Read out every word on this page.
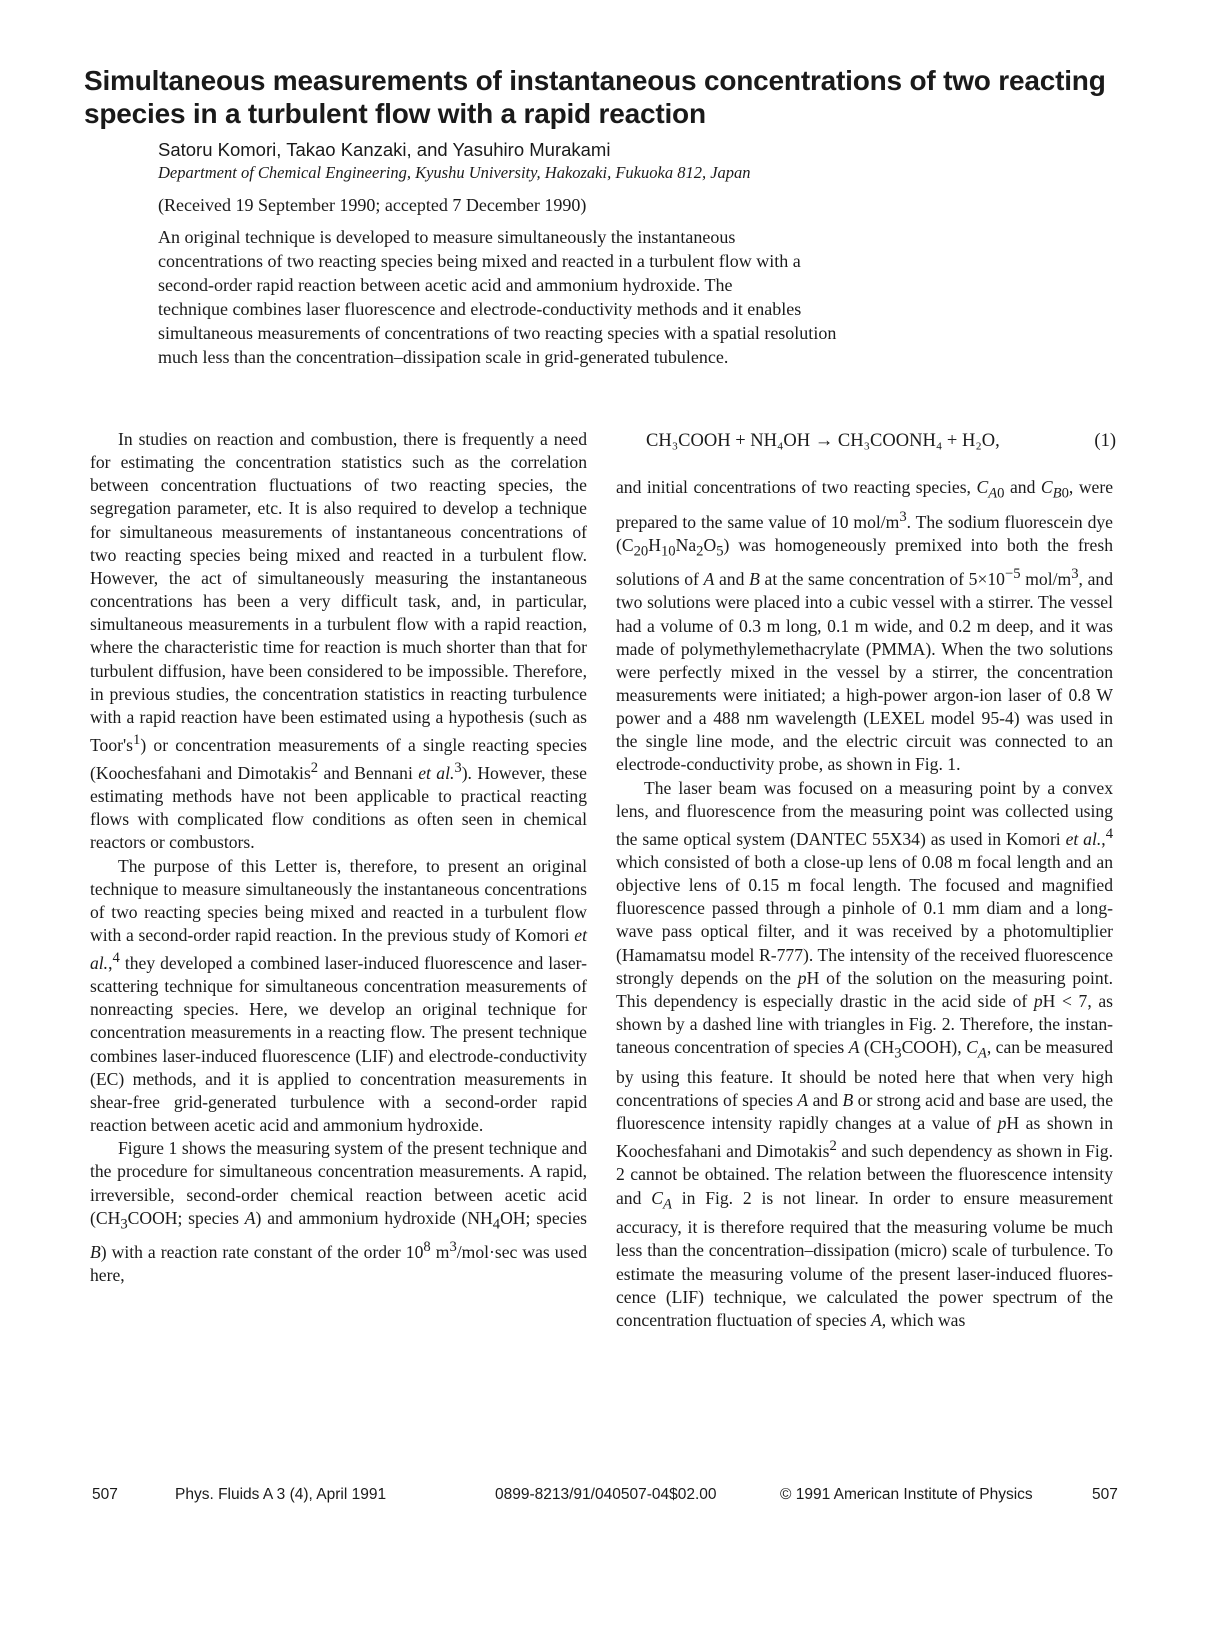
Simultaneous measurements of instantaneous concentrations of two reacting species in a turbulent flow with a rapid reaction
Satoru Komori, Takao Kanzaki, and Yasuhiro Murakami
Department of Chemical Engineering, Kyushu University, Hakozaki, Fukuoka 812, Japan
(Received 19 September 1990; accepted 7 December 1990)
An original technique is developed to measure simultaneously the instantaneous
concentrations of two reacting species being mixed and reacted in a turbulent flow with a
second-order rapid reaction between acetic acid and ammonium hydroxide. The
technique combines laser fluorescence and electrode-conductivity methods and it enables
simultaneous measurements of concentrations of two reacting species with a spatial resolution
much less than the concentration–dissipation scale in grid-generated tubulence.

In studies on reaction and combustion, there is frequently a need for estimating the concentration statistics such as the correlation between concentration fluctuations of two reacting species, the segregation parameter, etc. It is also required to develop a technique for simultaneous measurements of instantaneous concentrations of two reacting species being mixed and reacted in a turbulent flow. However, the act of simultaneously measuring the instantaneous concentrations has been a very difficult task, and, in particular, simultaneous measurements in a turbulent flow with a rapid reaction, where the characteristic time for reaction is much shorter than that for turbulent diffusion, have been considered to be impossible. Therefore, in previous studies, the concentration statistics in reacting turbulence with a rapid reaction have been estimated using a hypothesis (such as $Toor's^1$) or concentration measurements of a single reacting species (Koochesfahani and Dimotakis$^2$ and Bennani et al.$^3$). However, these estimating methods have not been applicable to practical reacting flows with complicated flow conditions as often seen in chemical reactors or combustors.

The purpose of this Letter is, therefore, to present an original technique to measure simultaneously the instantaneous concentrations of two reacting species being mixed and reacted in a turbulent flow with a second-order rapid reaction. In the previous study of Komori et al.,$^4$ they developed a combined laser-induced fluorescence and laser-scattering technique for simultaneous concentration measurements of nonreacting species. Here, we develop an original technique for concentration measurements in a reacting flow. The present technique combines laser-induced fluorescence (LIF) and electrode-conductivity (EC) methods, and it is applied to concentration measurements in shear-free grid-generated turbulence with a second-order rapid reaction between acetic acid and ammonium hydroxide.

Figure 1 shows the measuring system of the present technique and the procedure for simultaneous concentration measurements. A rapid, irreversible, second-order chemical reaction between acetic acid ($CH_3COOH$; species A) and ammonium hydroxide ($NH_4OH$; species B) with a reaction rate constant of the order $10^8$ $m^3/mol\cdot\sec$ was used here,

CH₃COOH + NH₄OH → CH₃COONH₄ + H₂O,	(1)

and initial concentrations of two reacting species, $C_{A0}$ and $C_{B0}$, were prepared to the same value of 10 mol/$m^3$. The sodium fluorescein dye $(C_{20}H_{10}Na_2O_5)$ was homogeneously premixed into both the fresh solutions of A and B at the same concentration of $5\times 10^{-5}$ mol/$m^3$, and two solutions were placed into a cubic vessel with a stirrer. The vessel had a volume of 0.3 m long, 0.1 m wide, and 0.2 m deep, and it was made of polymethylemethacrylate (PMMA). When the two solutions were perfectly mixed in the vessel by a stirrer, the concentration measurements were initiated; a high-power argon-ion laser of 0.8 W power and a 488 nm wavelength (LEXEL model 95-4) was used in the single line mode, and the electric circuit was connected to an electrode-conductivity probe, as shown in Fig. 1.

The laser beam was focused on a measuring point by a convex lens, and fluorescence from the measuring point was collected using the same optical system (DANTEC 55X34) as used in Komori et al.,$^4$ which consisted of both a close-up lens of 0.08 m focal length and an objective lens of 0.15 m focal length. The focused and magnified fluorescence passed through a pinhole of 0.1 mm diam and a long-wave pass optical filter, and it was received by a photomultiplier (Hamamatsu model R-777). The intensity of the received fluorescence strongly depends on the pH of the solution on the measuring point. This dependency is especially drastic in the acid side of pH < 7, as shown by a dashed line with triangles in Fig. 2. Therefore, the instantaneous concentration of species A $(CH_3COOH)$, $C_A$, can be measured by using this feature. It should be noted here that when very high concentrations of species A and B or strong acid and base are used, the fluorescence intensity rapidly changes at a value of pH as shown in Koochesfahani and Dimotakis$^2$ and such dependency as shown in Fig. 2 cannot be obtained. The relation between the fluorescence intensity and $C_A$ in Fig. 2 is not linear. In order to ensure measurement accuracy, it is therefore required that the measuring volume be much less than the concentration–dissipation (micro) scale of turbulence. To estimate the measuring volume of the present laser-induced fluorescence (LIF) technique, we calculated the power spectrum of the concentration fluctuation of species A, which was

507	Phys. Fluids A 3 (4), April 1991	0899-8213/91/040507-04$02.00	© 1991 American Institute of Physics	507
